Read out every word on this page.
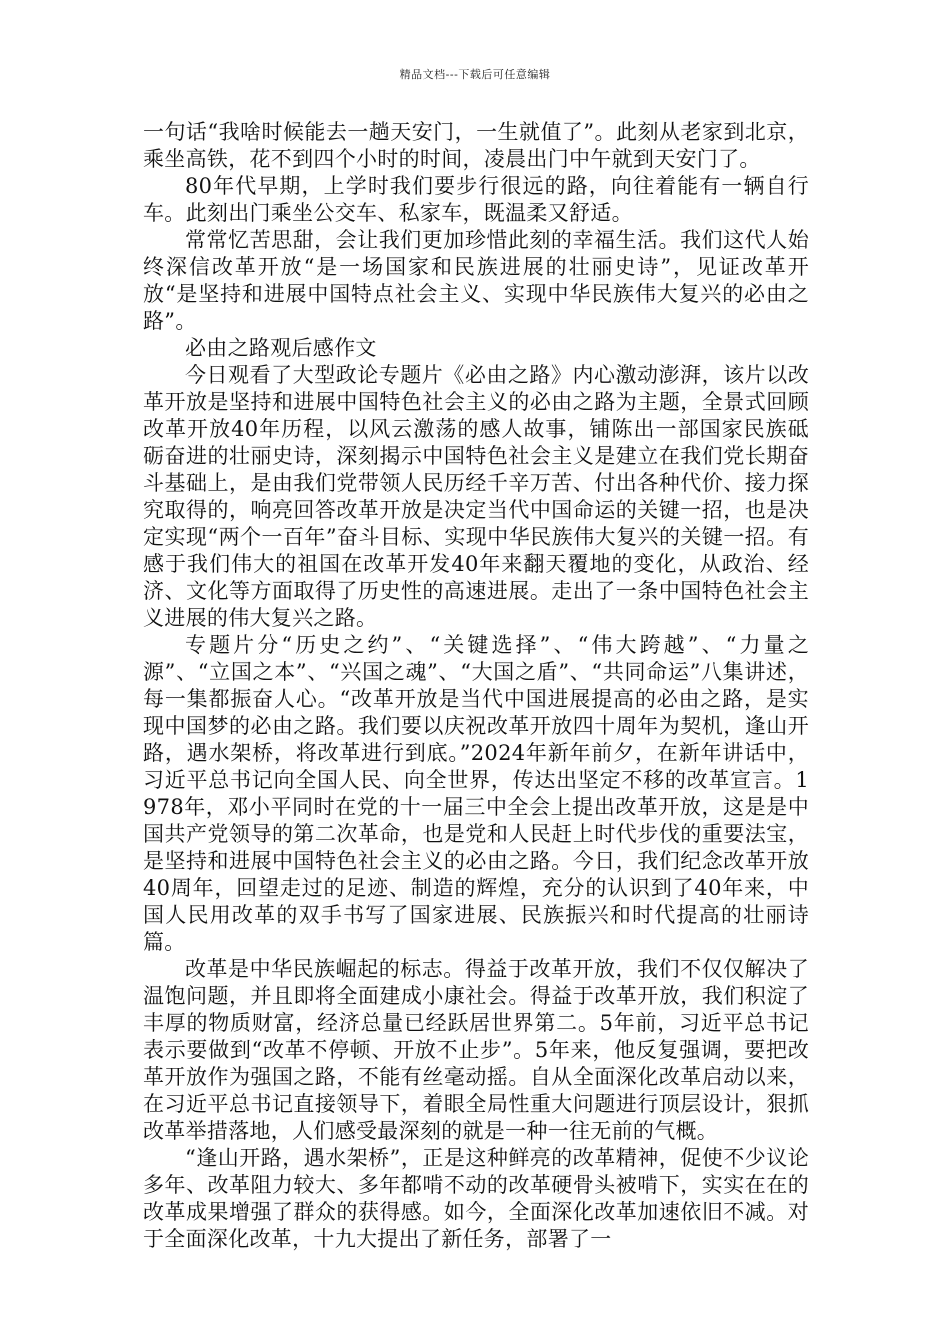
精品文档---下载后可任意编辑

一句话“我啥时候能去一趟天安门，一生就值了”。此刻从老家到北京，乘坐高铁，花不到四个小时的时间，凌晨出门中午就到天安门了。

80年代早期，上学时我们要步行很远的路，向往着能有一辆自行车。此刻出门乘坐公交车、私家车，既温柔又舒适。

常常忆苦思甜，会让我们更加珍惜此刻的幸福生活。我们这代人始终深信改革开放“是一场国家和民族进展的壮丽史诗”，见证改革开放“是坚持和进展中国特点社会主义、实现中华民族伟大复兴的必由之路”。

必由之路观后感作文

今日观看了大型政论专题片《必由之路》内心激动澎湃，该片以改革开放是坚持和进展中国特色社会主义的必由之路为主题，全景式回顾改革开放40年历程，以风云激荡的感人故事，铺陈出一部国家民族砥砺奋进的壮丽史诗，深刻揭示中国特色社会主义是建立在我们党长期奋斗基础上，是由我们党带领人民历经千辛万苦、付出各种代价、接力探究取得的，响亮回答改革开放是决定当代中国命运的关键一招，也是决定实现“两个一百年”奋斗目标、实现中华民族伟大复兴的关键一招。有感于我们伟大的祖国在改革开发40年来翻天覆地的变化，从政治、经济、文化等方面取得了历史性的高速进展。走出了一条中国特色社会主义进展的伟大复兴之路。

专题片分“历史之约”、“关键选择”、“伟大跨越”、“力量之源”、“立国之本”、“兴国之魂”、“大国之盾”、“共同命运”八集讲述，每一集都振奋人心。“改革开放是当代中国进展提高的必由之路，是实现中国梦的必由之路。我们要以庆祝改革开放四十周年为契机，逢山开路，遇水架桥，将改革进行到底。”2024年新年前夕，在新年讲话中，习近平总书记向全国人民、向全世界，传达出坚定不移的改革宣言。1978年，邓小平同时在党的十一届三中全会上提出改革开放，这是是中国共产党领导的第二次革命，也是党和人民赶上时代步伐的重要法宝，是坚持和进展中国特色社会主义的必由之路。今日，我们纪念改革开放40周年，回望走过的足迹、制造的辉煌，充分的认识到了40年来，中国人民用改革的双手书写了国家进展、民族振兴和时代提高的壮丽诗篇。

改革是中华民族崛起的标志。得益于改革开放，我们不仅仅解决了温饱问题，并且即将全面建成小康社会。得益于改革开放，我们积淀了丰厚的物质财富，经济总量已经跃居世界第二。5年前，习近平总书记表示要做到“改革不停顿、开放不止步”。5年来，他反复强调，要把改革开放作为强国之路，不能有丝毫动摇。自从全面深化改革启动以来，在习近平总书记直接领导下，着眼全局性重大问题进行顶层设计，狠抓改革举措落地，人们感受最深刻的就是一种一往无前的气概。

“逢山开路，遇水架桥”，正是这种鲜亮的改革精神，促使不少议论多年、改革阻力较大、多年都啃不动的改革硬骨头被啃下，实实在在的改革成果增强了群众的获得感。如今，全面深化改革加速依旧不减。对于全面深化改革，十九大提出了新任务，部署了一
